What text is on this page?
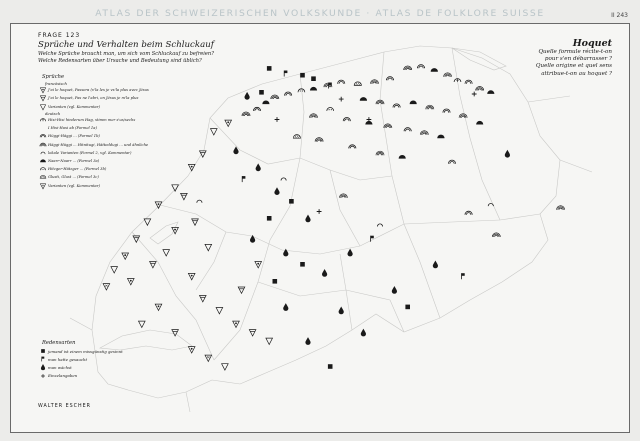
ATLAS DER SCHWEIZERISCHEN VOLKSKUNDE · ATLAS DE FOLKLORE SUISSE	II 243
FRAGE 123
Sprüche und Verhalten beim Schluckauf
Welche Sprüche braucht man, um sich vom Schluckauf zu befreien?
Welche Redensarten über Ursache und Bedeutung sind üblich?
Hoquet
Quelle formule récite-t-on
pour s'en débarrasser ?
Quelle origine et quel sens
attribue-t-on au hoquet ?
Sprüche
französisch
J'ai le hoquet, Passera (v'la les je vx'la plus avec Jésus
J'ai le hoquet, Pas ne l'abri, on Jésus je m'la plus
Varianten (vgl. Kommentar)
deutsch
Hixi-Hixi hinderum Hag, stimm mer s'us/sechs
I Hixi-Haxi ab (Formel 1a)
Hüggi-Häggi ... (Formel 1b)
Häggi-Häggi ... Hitnitugi, Hätteddugi ... und ähnliche
lokale Varianten (Formel 2, vgl. Kommentar)
Naarr-Naarr ... (Formel 3a)
Hitzger-Hätzger ... (Formel 3b)
Glusti, Glust ... (Formel 3c)
Varianten (vgl. Kommentar)
Redensarten
jemand ist einem missgünstig gesinnt
man hatte gesaucht
man wächst
Einzelangaben
WALTER ESCHER
